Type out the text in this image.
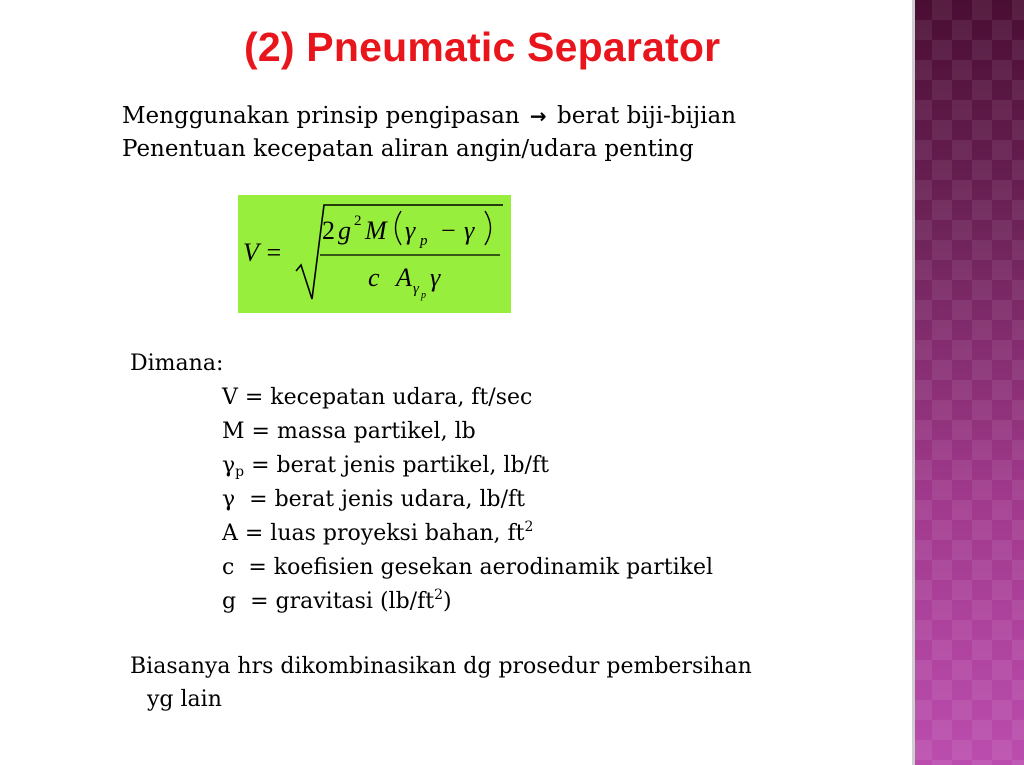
(2) Pneumatic Separator
Menggunakan prinsip pengipasan → berat biji-bijian
Penentuan kecepatan aliran angin/udara penting
V =
2 g 2 M γ p − γ
c A γ p
γ
Dimana:
V = kecepatan udara, ft/sec
M = massa partikel, lb
$\gamma_p$ = berat jenis partikel, lb/ft
γ  = berat jenis udara, lb/ft
A = luas proyeksi bahan, $ft^2$
c  = koefisien gesekan aerodinamik partikel
g  = gravitasi $(lb/ft^2)$
Biasanya hrs dikombinasikan dg prosedur pembersihan
yg lain
